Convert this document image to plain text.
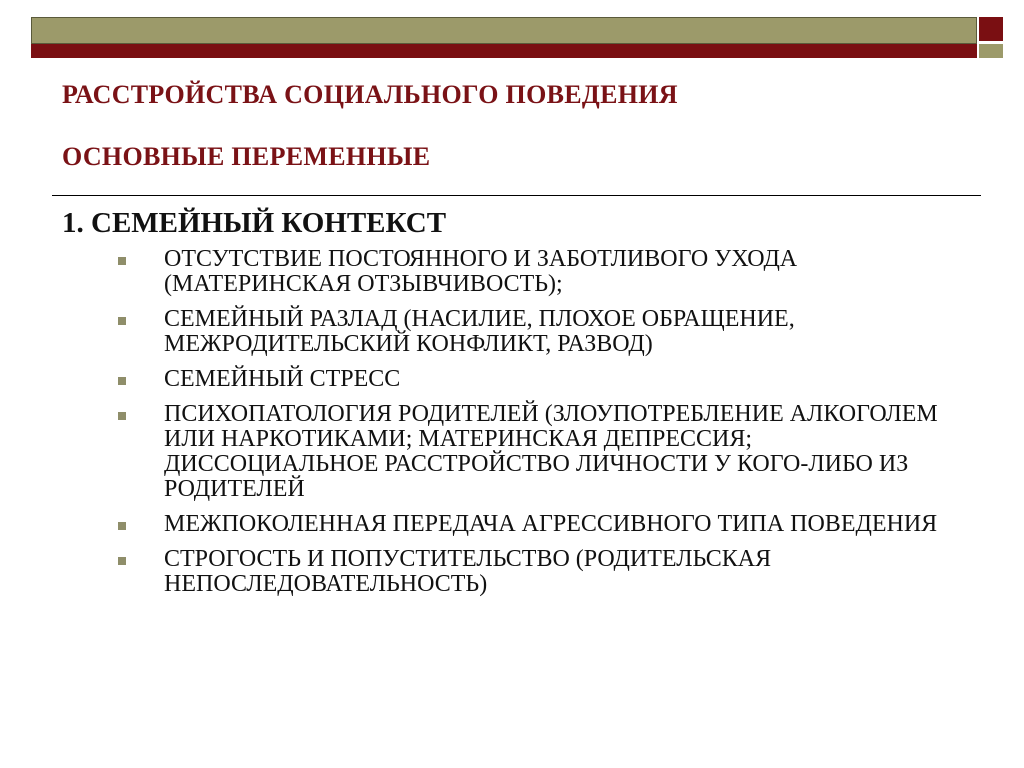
РАССТРОЙСТВА СОЦИАЛЬНОГО ПОВЕДЕНИЯ
ОСНОВНЫЕ ПЕРЕМЕННЫЕ
1. СЕМЕЙНЫЙ КОНТЕКСТ
ОТСУТСТВИЕ ПОСТОЯННОГО И ЗАБОТЛИВОГО УХОДА (МАТЕРИНСКАЯ ОТЗЫВЧИВОСТЬ);
СЕМЕЙНЫЙ РАЗЛАД (НАСИЛИЕ, ПЛОХОЕ ОБРАЩЕНИЕ, МЕЖРОДИТЕЛЬСКИЙ КОНФЛИКТ, РАЗВОД)
СЕМЕЙНЫЙ СТРЕСС
ПСИХОПАТОЛОГИЯ РОДИТЕЛЕЙ (ЗЛОУПОТРЕБЛЕНИЕ АЛКОГОЛЕМ ИЛИ НАРКОТИКАМИ; МАТЕРИНСКАЯ ДЕПРЕССИЯ; ДИССОЦИАЛЬНОЕ РАССТРОЙСТВО ЛИЧНОСТИ У КОГО-ЛИБО ИЗ РОДИТЕЛЕЙ
МЕЖПОКОЛЕННАЯ ПЕРЕДАЧА АГРЕССИВНОГО ТИПА ПОВЕДЕНИЯ
СТРОГОСТЬ И ПОПУСТИТЕЛЬСТВО (РОДИТЕЛЬСКАЯ НЕПОСЛЕДОВАТЕЛЬНОСТЬ)
